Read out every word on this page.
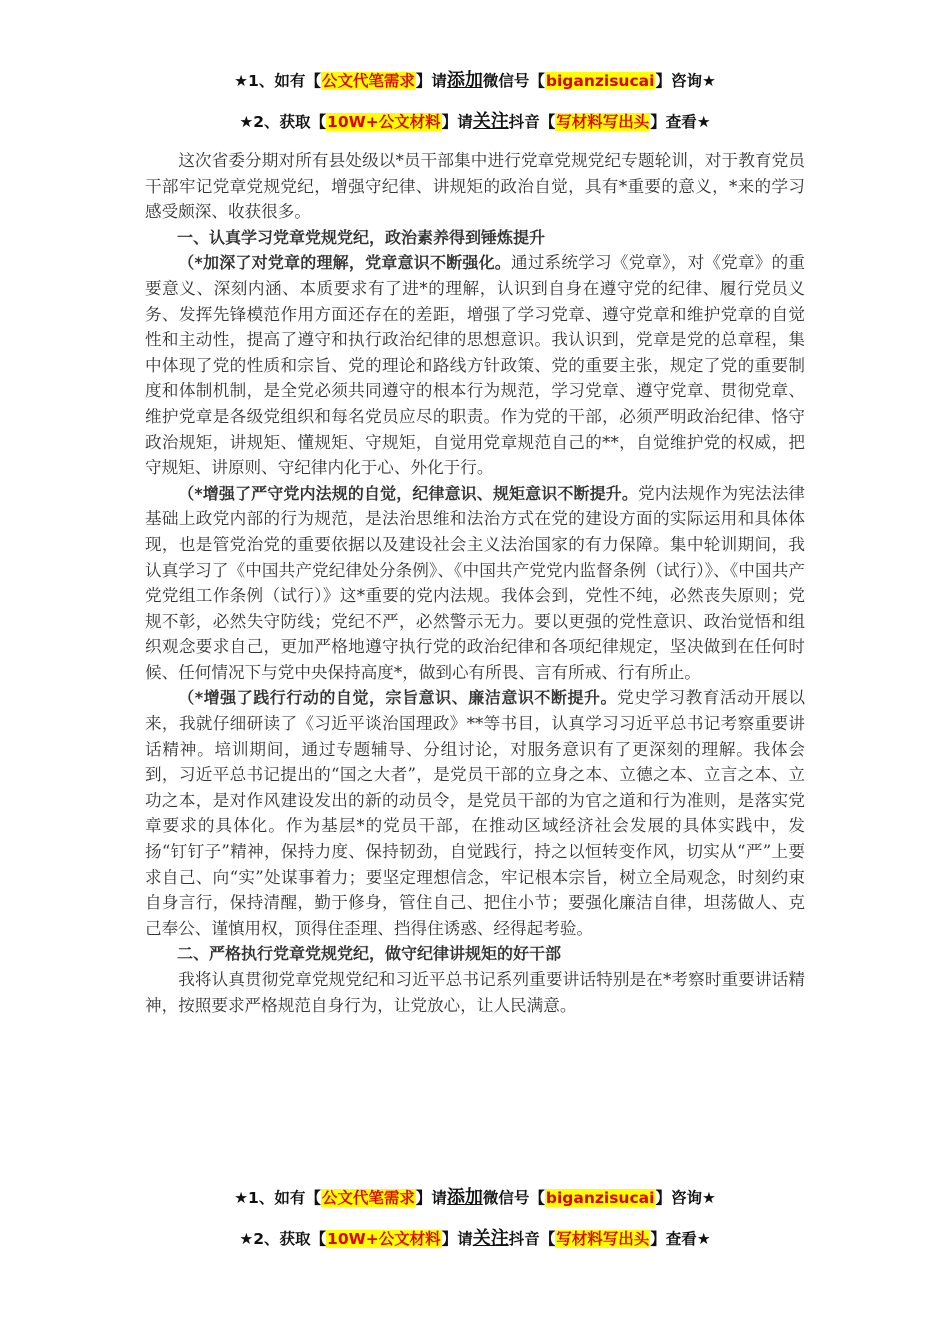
★1、如有【公文代笔需求】请添加微信号【biganzisucai】咨询★
★2、获取【10W+公文材料】请关注抖音【写材料写出头】查看★

这次省委分期对所有县处级以*员干部集中进行党章党规党纪专题轮训，对于教育党员干部牢记党章党规党纪，增强守纪律、讲规矩的政治自觉，具有*重要的意义，*来的学习感受颇深、收获很多。

一、认真学习党章党规党纪，政治素养得到锤炼提升

（*加深了对党章的理解，党章意识不断强化。通过系统学习《党章》，对《党章》的重要意义、深刻内涵、本质要求有了进*的理解，认识到自身在遵守党的纪律、履行党员义务、发挥先锋模范作用方面还存在的差距，增强了学习党章、遵守党章和维护党章的自觉性和主动性，提高了遵守和执行政治纪律的思想意识。我认识到，党章是党的总章程，集中体现了党的性质和宗旨、党的理论和路线方针政策、党的重要主张，规定了党的重要制度和体制机制，是全党必须共同遵守的根本行为规范，学习党章、遵守党章、贯彻党章、维护党章是各级党组织和每名党员应尽的职责。作为党的干部，必须严明政治纪律、恪守政治规矩，讲规矩、懂规矩、守规矩，自觉用党章规范自己的**，自觉维护党的权威，把守规矩、讲原则、守纪律内化于心、外化于行。

（*增强了严守党内法规的自觉，纪律意识、规矩意识不断提升。党内法规作为宪法法律基础上政党内部的行为规范，是法治思维和法治方式在党的建设方面的实际运用和具体体现，也是管党治党的重要依据以及建设社会主义法治国家的有力保障。集中轮训期间，我认真学习了《中国共产党纪律处分条例》、《中国共产党党内监督条例（试行）》、《中国共产党党组工作条例（试行）》这*重要的党内法规。我体会到，党性不纯，必然丧失原则；党规不彰，必然失守防线；党纪不严，必然警示无力。要以更强的党性意识、政治觉悟和组织观念要求自己，更加严格地遵守执行党的政治纪律和各项纪律规定，坚决做到在任何时候、任何情况下与党中央保持高度*，做到心有所畏、言有所戒、行有所止。

（*增强了践行行动的自觉，宗旨意识、廉洁意识不断提升。党史学习教育活动开展以来，我就仔细研读了《习近平谈治国理政》**等书目，认真学习习近平总书记考察重要讲话精神。培训期间，通过专题辅导、分组讨论，对服务意识有了更深刻的理解。我体会到，习近平总书记提出的“国之大者”，是党员干部的立身之本、立德之本、立言之本、立功之本，是对作风建设发出的新的动员令，是党员干部的为官之道和行为准则，是落实党章要求的具体化。作为基层*的党员干部，在推动区域经济社会发展的具体实践中，发扬“钉钉子”精神，保持力度、保持韧劲，自觉践行，持之以恒转变作风，切实从“严”上要求自己、向“实”处谋事着力；要坚定理想信念，牢记根本宗旨，树立全局观念，时刻约束自身言行，保持清醒，勤于修身，管住自己、把住小节；要强化廉洁自律，坦荡做人、克己奉公、谨慎用权，顶得住歪理、挡得住诱惑、经得起考验。

二、严格执行党章党规党纪，做守纪律讲规矩的好干部

我将认真贯彻党章党规党纪和习近平总书记系列重要讲话特别是在*考察时重要讲话精神，按照要求严格规范自身行为，让党放心，让人民满意。

★1、如有【公文代笔需求】请添加微信号【biganzisucai】咨询★
★2、获取【10W+公文材料】请关注抖音【写材料写出头】查看★
